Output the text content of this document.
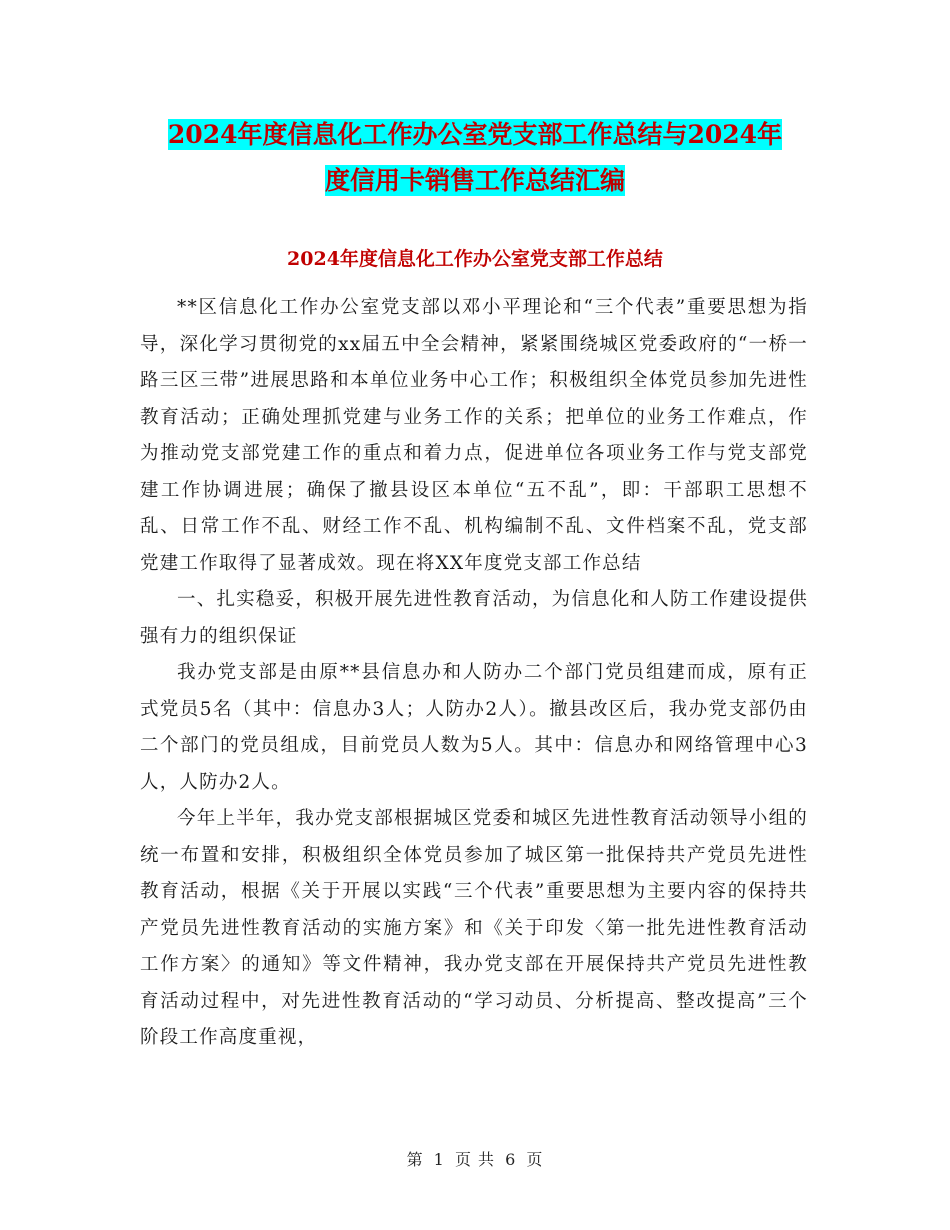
2024年度信息化工作办公室党支部工作总结与2024年
度信用卡销售工作总结汇编
2024年度信息化工作办公室党支部工作总结

**区信息化工作办公室党支部以邓小平理论和“三个代表”重要思想为指导，深化学习贯彻党的xx届五中全会精神，紧紧围绕城区党委政府的“一桥一路三区三带”进展思路和本单位业务中心工作；积极组织全体党员参加先进性教育活动；正确处理抓党建与业务工作的关系；把单位的业务工作难点，作为推动党支部党建工作的重点和着力点，促进单位各项业务工作与党支部党建工作协调进展；确保了撤县设区本单位“五不乱”，即：干部职工思想不乱、日常工作不乱、财经工作不乱、机构编制不乱、文件档案不乱，党支部党建工作取得了显著成效。现在将XX年度党支部工作总结

一、扎实稳妥，积极开展先进性教育活动，为信息化和人防工作建设提供强有力的组织保证

我办党支部是由原**县信息办和人防办二个部门党员组建而成，原有正式党员5名（其中：信息办3人；人防办2人）。撤县改区后，我办党支部仍由二个部门的党员组成，目前党员人数为5人。其中：信息办和网络管理中心3人，人防办2人。

今年上半年，我办党支部根据城区党委和城区先进性教育活动领导小组的统一布置和安排，积极组织全体党员参加了城区第一批保持共产党员先进性教育活动，根据《关于开展以实践“三个代表”重要思想为主要内容的保持共产党员先进性教育活动的实施方案》和《关于印发〈第一批先进性教育活动工作方案〉的通知》等文件精神，我办党支部在开展保持共产党员先进性教育活动过程中，对先进性教育活动的“学习动员、分析提高、整改提高”三个阶段工作高度重视，

第 1 页 共 6 页
